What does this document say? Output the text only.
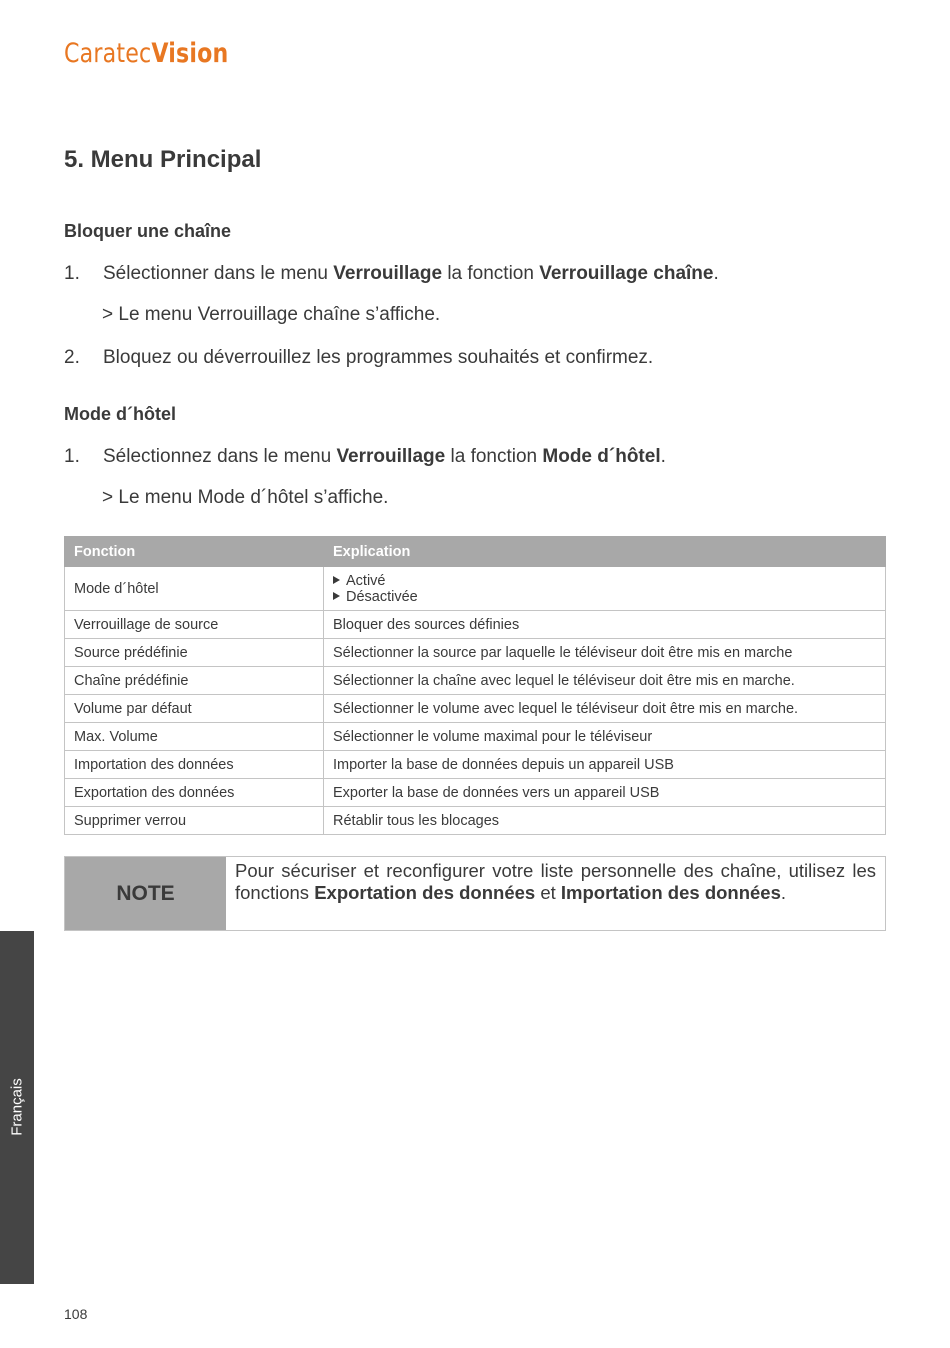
CaratecVision
5. Menu Principal
Bloquer une chaîne
1. Sélectionner dans le menu Verrouillage la fonction Verrouillage chaîne.
> Le menu Verrouillage chaîne s’affiche.
2. Bloquez ou déverrouillez les programmes souhaités et confirmez.
Mode d´hôtel
1. Sélectionnez dans le menu Verrouillage la fonction Mode d´hôtel.
> Le menu Mode d´hôtel s’affiche.
Fonction	Explication
Mode d´hôtel	Activé
Désactivée

Verrouillage de source	Bloquer des sources définies
Source prédéfinie	Sélectionner la source par laquelle le téléviseur doit être mis en marche
Chaîne prédéfinie	Sélectionner la chaîne avec lequel le téléviseur doit être mis en marche.
Volume par défaut	Sélectionner le volume avec lequel le téléviseur doit être mis en marche.
Max. Volume	Sélectionner le volume maximal pour le téléviseur
Importation des données	Importer la base de données depuis un appareil USB
Exportation des données	Exporter la base de données vers un appareil USB
Supprimer verrou	Rétablir tous les blocages
NOTE
Pour sécuriser et reconfigurer votre liste personnelle des chaîne, utilisez les fonctions Exportation des données et Importation des données.
Français
108
